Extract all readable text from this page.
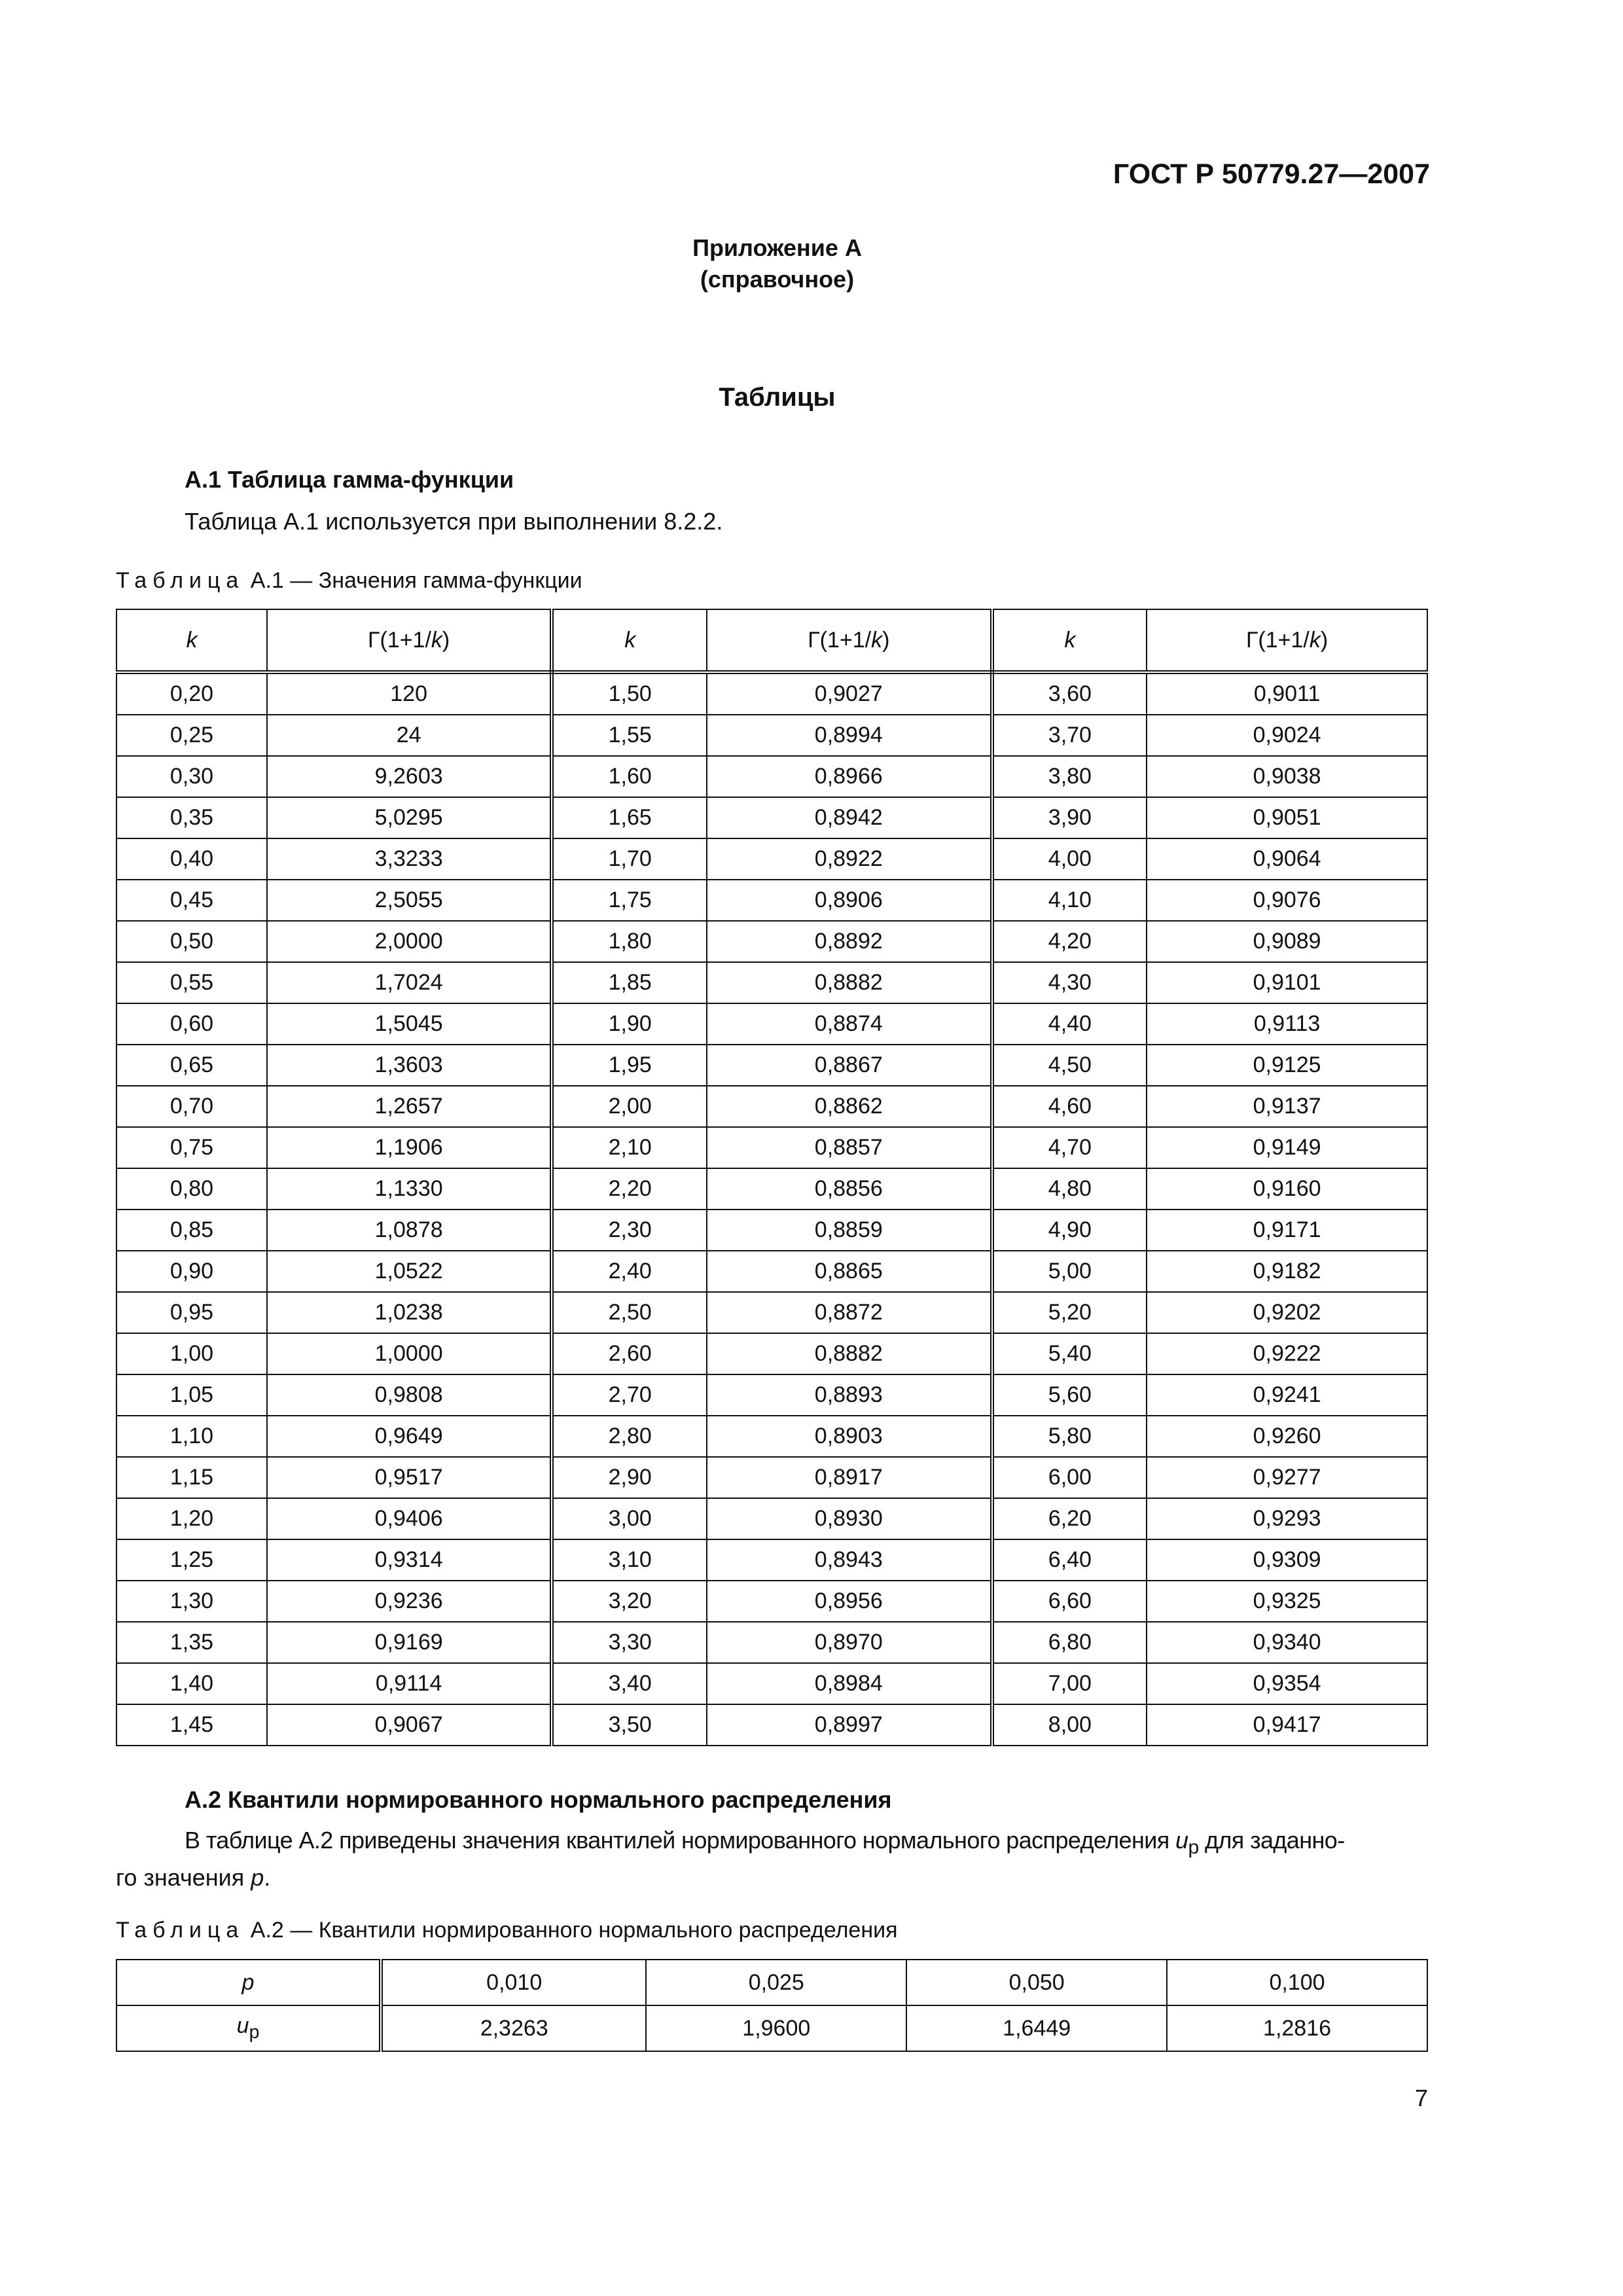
ГОСТ Р 50779.27—2007
Приложение А
(справочное)
Таблицы
А.1 Таблица гамма-функции
Таблица А.1 используется при выполнении 8.2.2.
Таблица А.1 — Значения гамма-функции
k	Г(1+1/k)	k	Г(1+1/k)	k	Г(1+1/k)
0,20	120	1,50	0,9027	3,60	0,9011
0,25	24	1,55	0,8994	3,70	0,9024
0,30	9,2603	1,60	0,8966	3,80	0,9038
0,35	5,0295	1,65	0,8942	3,90	0,9051
0,40	3,3233	1,70	0,8922	4,00	0,9064
0,45	2,5055	1,75	0,8906	4,10	0,9076
0,50	2,0000	1,80	0,8892	4,20	0,9089
0,55	1,7024	1,85	0,8882	4,30	0,9101
0,60	1,5045	1,90	0,8874	4,40	0,9113
0,65	1,3603	1,95	0,8867	4,50	0,9125
0,70	1,2657	2,00	0,8862	4,60	0,9137
0,75	1,1906	2,10	0,8857	4,70	0,9149
0,80	1,1330	2,20	0,8856	4,80	0,9160
0,85	1,0878	2,30	0,8859	4,90	0,9171
0,90	1,0522	2,40	0,8865	5,00	0,9182
0,95	1,0238	2,50	0,8872	5,20	0,9202
1,00	1,0000	2,60	0,8882	5,40	0,9222
1,05	0,9808	2,70	0,8893	5,60	0,9241
1,10	0,9649	2,80	0,8903	5,80	0,9260
1,15	0,9517	2,90	0,8917	6,00	0,9277
1,20	0,9406	3,00	0,8930	6,20	0,9293
1,25	0,9314	3,10	0,8943	6,40	0,9309
1,30	0,9236	3,20	0,8956	6,60	0,9325
1,35	0,9169	3,30	0,8970	6,80	0,9340
1,40	0,9114	3,40	0,8984	7,00	0,9354
1,45	0,9067	3,50	0,8997	8,00	0,9417
А.2 Квантили нормированного нормального распределения
В таблице А.2 приведены значения квантилей нормированного нормального распределения $u_p$ для заданно-
го значения p.
Таблица А.2 — Квантили нормированного нормального распределения
p	0,010	0,025	0,050	0,100
$u_p$	2,3263	1,9600	1,6449	1,2816
7
